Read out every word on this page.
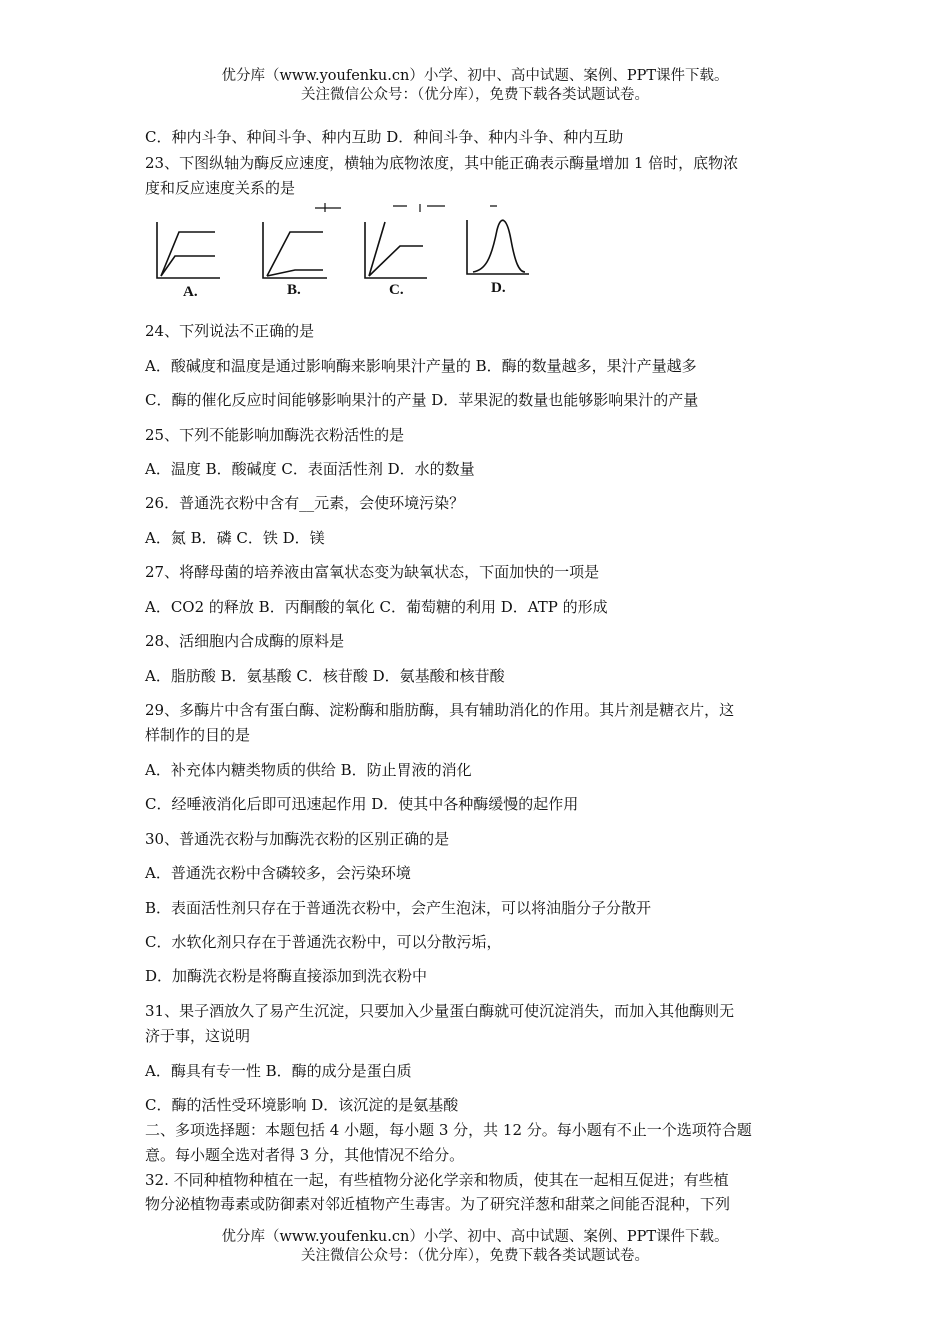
优分库（www.youfenku.cn）小学、初中、高中试题、案例、PPT课件下载。
关注微信公众号：（优分库），免费下载各类试题试卷。
C．种内斗争、种间斗争、种内互助 D．种间斗争、种内斗争、种内互助
23、下图纵轴为酶反应速度，横轴为底物浓度，其中能正确表示酶量增加 1 倍时，底物浓
度和反应速度关系的是
A.	B.	C.	D.
24、下列说法不正确的是
A．酸碱度和温度是通过影响酶来影响果汁产量的 B．酶的数量越多，果汁产量越多
C．酶的催化反应时间能够影响果汁的产量 D．苹果泥的数量也能够影响果汁的产量
25、下列不能影响加酶洗衣粉活性的是
A．温度 B．酸碱度 C．表面活性剂 D．水的数量
26．普通洗衣粉中含有__元素，会使环境污染？
A．氮 B．磷 C．铁 D．镁
27、将酵母菌的培养液由富氧状态变为缺氧状态，下面加快的一项是
A．CO2 的释放 B．丙酮酸的氧化 C．葡萄糖的利用 D．ATP 的形成
28、活细胞内合成酶的原料是
A．脂肪酸 B．氨基酸 C．核苷酸 D．氨基酸和核苷酸
29、多酶片中含有蛋白酶、淀粉酶和脂肪酶，具有辅助消化的作用。其片剂是糖衣片，这
样制作的目的是
A．补充体内糖类物质的供给 B．防止胃液的消化
C．经唾液消化后即可迅速起作用 D．使其中各种酶缓慢的起作用
30、普通洗衣粉与加酶洗衣粉的区别正确的是
A．普通洗衣粉中含磷较多，会污染环境
B．表面活性剂只存在于普通洗衣粉中，会产生泡沫，可以将油脂分子分散开
C．水软化剂只存在于普通洗衣粉中，可以分散污垢，
D．加酶洗衣粉是将酶直接添加到洗衣粉中
31、果子酒放久了易产生沉淀，只要加入少量蛋白酶就可使沉淀消失，而加入其他酶则无
济于事，这说明
A．酶具有专一性 B．酶的成分是蛋白质
C．酶的活性受环境影响 D．该沉淀的是氨基酸
二、多项选择题：本题包括 4 小题，每小题 3 分，共 12 分。每小题有不止一个选项符合题
意。每小题全选对者得 3 分，其他情况不给分。
32. 不同种植物种植在一起，有些植物分泌化学亲和物质，使其在一起相互促进；有些植
物分泌植物毒素或防御素对邻近植物产生毒害。为了研究洋葱和甜菜之间能否混种，下列
优分库（www.youfenku.cn）小学、初中、高中试题、案例、PPT课件下载。
关注微信公众号：（优分库），免费下载各类试题试卷。
